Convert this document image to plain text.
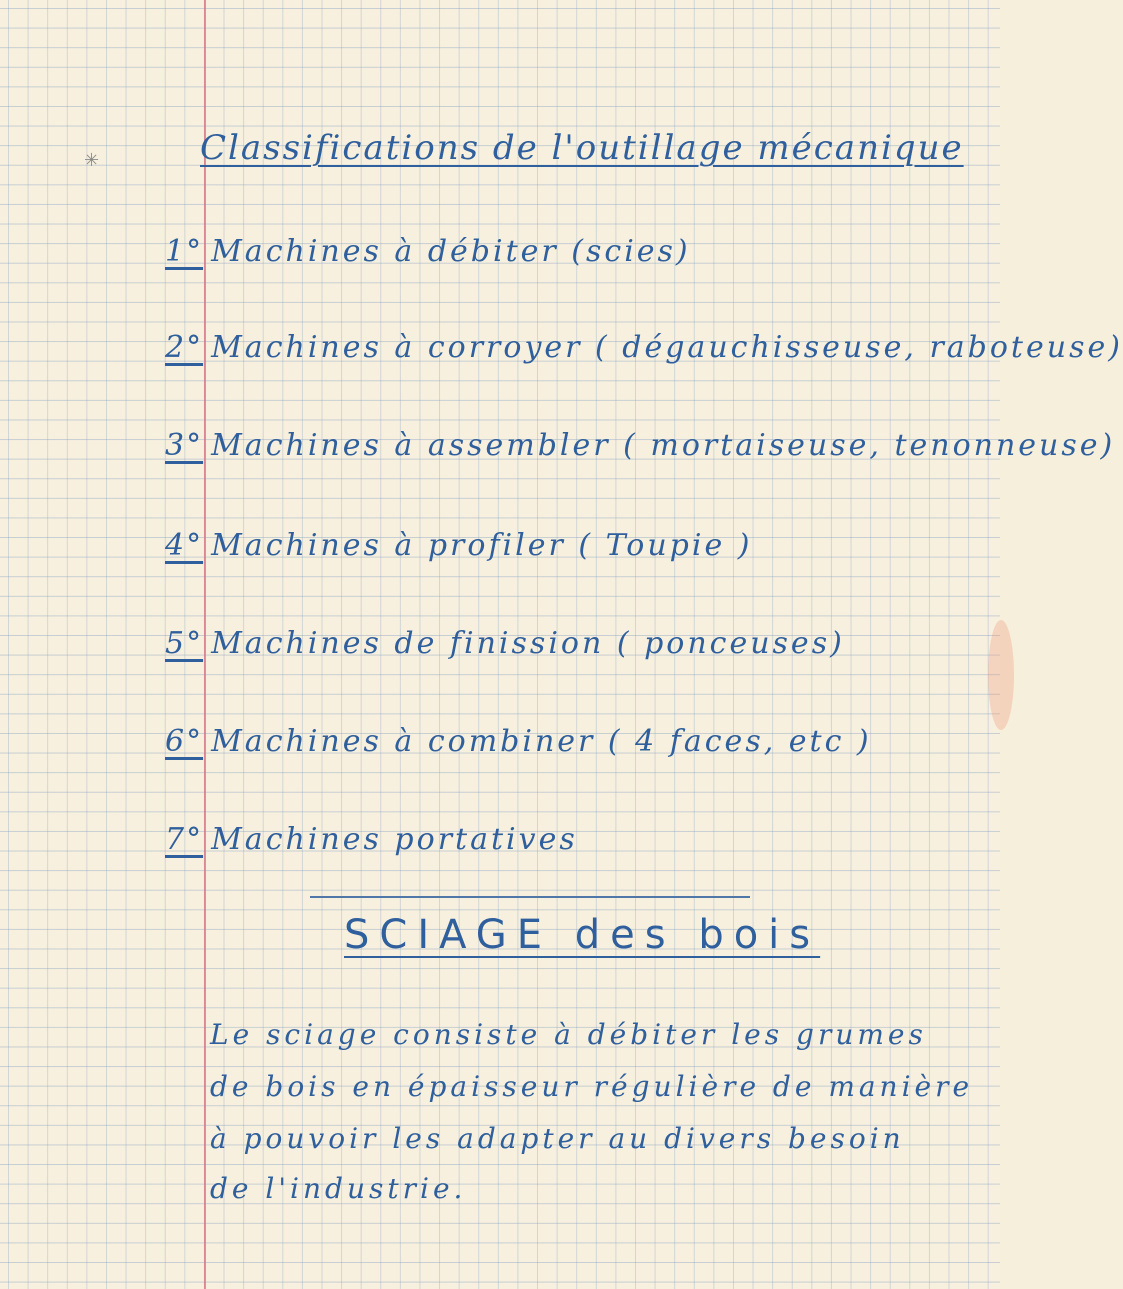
✳	Classifications de l'outillage mécanique

1° Machines à débiter (scies)

2° Machines à corroyer ( dégauchisseuse, raboteuse)

3° Machines à assembler ( mortaiseuse, tenonneuse)

4° Machines à profiler ( Toupie )

5° Machines de finission ( ponceuses)

6° Machines à combiner ( 4 faces, etc )

7° Machines portatives

SCIAGE des bois

Le sciage consiste à débiter les grumes

de bois en épaisseur régulière de manière

à pouvoir les adapter au divers besoin

de l'industrie.
